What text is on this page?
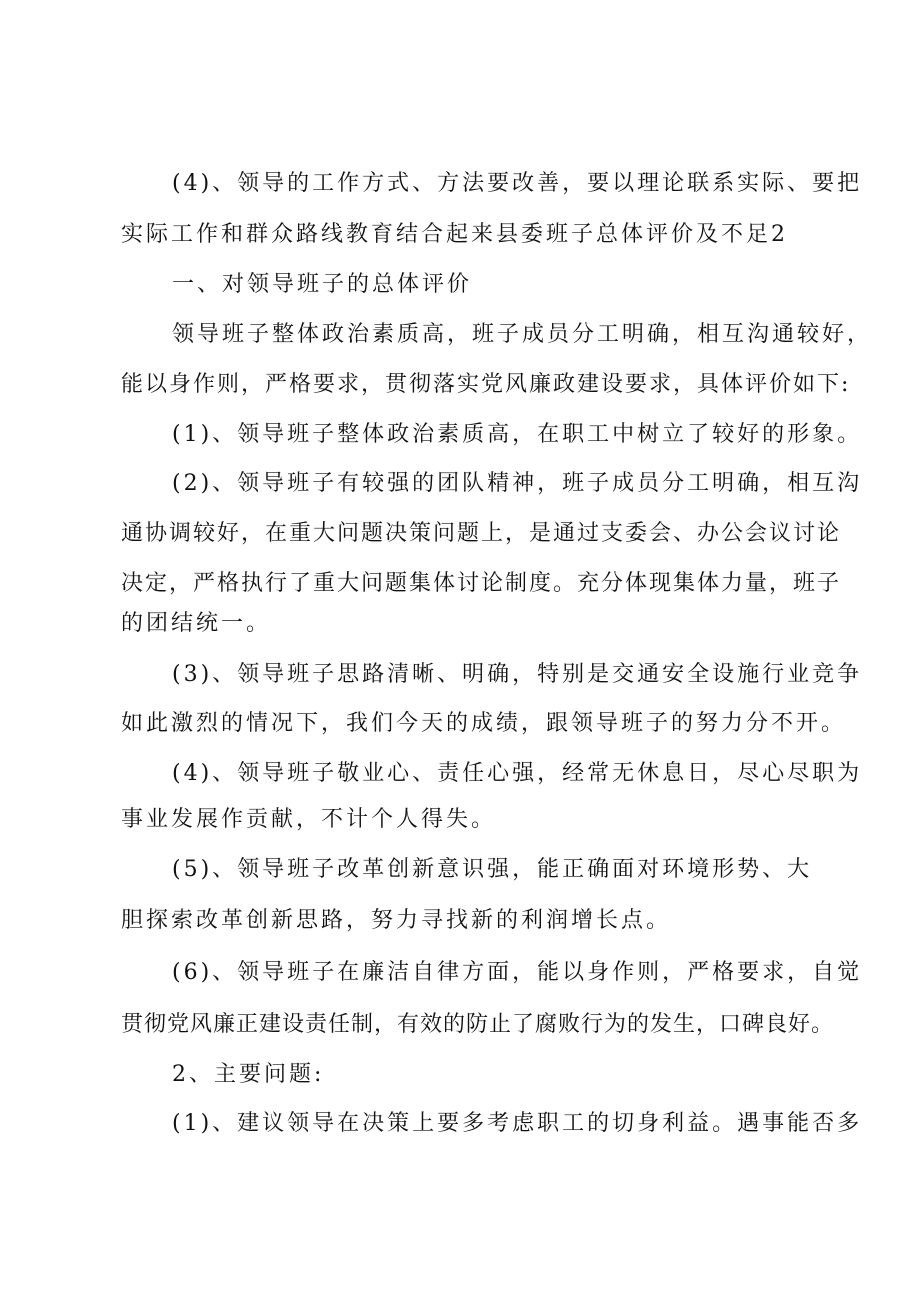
(4)、领导的工作方式、方法要改善，要以理论联系实际、要把
实际工作和群众路线教育结合起来县委班子总体评价及不足2
一、对领导班子的总体评价
领导班子整体政治素质高，班子成员分工明确，相互沟通较好，
能以身作则，严格要求，贯彻落实党风廉政建设要求，具体评价如下:
(1)、领导班子整体政治素质高，在职工中树立了较好的形象。
(2)、领导班子有较强的团队精神，班子成员分工明确，相互沟
通协调较好，在重大问题决策问题上，是通过支委会、办公会议讨论
决定，严格执行了重大问题集体讨论制度。充分体现集体力量，班子
的团结统一。
(3)、领导班子思路清晰、明确，特别是交通安全设施行业竞争
如此激烈的情况下，我们今天的成绩，跟领导班子的努力分不开。
(4)、领导班子敬业心、责任心强，经常无休息日，尽心尽职为
事业发展作贡献，不计个人得失。
(5)、领导班子改革创新意识强，能正确面对环境形势、大
胆探索改革创新思路，努力寻找新的利润增长点。
(6)、领导班子在廉洁自律方面，能以身作则，严格要求，自觉
贯彻党风廉正建设责任制，有效的防止了腐败行为的发生，口碑良好。
2、主要问题:
(1)、建议领导在决策上要多考虑职工的切身利益。遇事能否多
